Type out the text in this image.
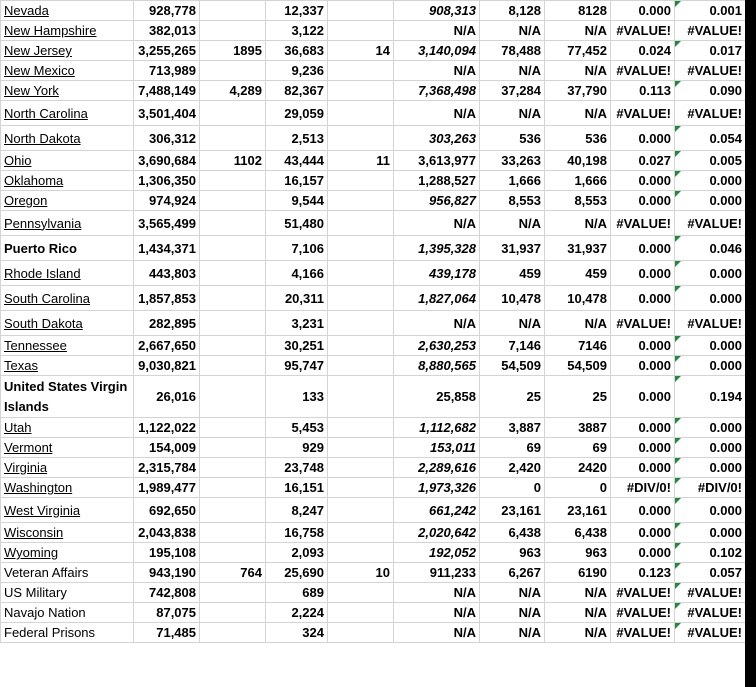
Nevada	928,778		12,337		908,313	8,128	8128	0.000	0.001

New Hampshire	382,013		3,122		N/A	N/A	N/A	#VALUE!	#VALUE!
New Jersey	3,255,265	1895	36,683	14	3,140,094	78,488	77,452	0.024	0.017

New Mexico	713,989		9,236		N/A	N/A	N/A	#VALUE!	#VALUE!
New York	7,488,149	4,289	82,367		7,368,498	37,284	37,790	0.113	0.090

North Carolina	3,501,404		29,059		N/A	N/A	N/A	#VALUE!	#VALUE!
North Dakota	306,312		2,513		303,263	536	536	0.000	0.054

Ohio	3,690,684	1102	43,444	11	3,613,977	33,263	40,198	0.027	0.005

Oklahoma	1,306,350		16,157		1,288,527	1,666	1,666	0.000	0.000

Oregon	974,924		9,544		956,827	8,553	8,553	0.000	0.000

Pennsylvania	3,565,499		51,480		N/A	N/A	N/A	#VALUE!	#VALUE!
Puerto Rico	1,434,371		7,106		1,395,328	31,937	31,937	0.000	0.046

Rhode Island	443,803		4,166		439,178	459	459	0.000	0.000

South Carolina	1,857,853		20,311		1,827,064	10,478	10,478	0.000	0.000

South Dakota	282,895		3,231		N/A	N/A	N/A	#VALUE!	#VALUE!
Tennessee	2,667,650		30,251		2,630,253	7,146	7146	0.000	0.000

Texas	9,030,821		95,747		8,880,565	54,509	54,509	0.000	0.000

United States Virgin Islands	26,016		133		25,858	25	25	0.000	0.194

Utah	1,122,022		5,453		1,112,682	3,887	3887	0.000	0.000

Vermont	154,009		929		153,011	69	69	0.000	0.000

Virginia	2,315,784		23,748		2,289,616	2,420	2420	0.000	0.000

Washington	1,989,477		16,151		1,973,326	0	0	#DIV/0!	#DIV/0!

West Virginia	692,650		8,247		661,242	23,161	23,161	0.000	0.000

Wisconsin	2,043,838		16,758		2,020,642	6,438	6,438	0.000	0.000

Wyoming	195,108		2,093		192,052	963	963	0.000	0.102

Veteran Affairs	943,190	764	25,690	10	911,233	6,267	6190	0.123	0.057

US Military	742,808		689		N/A	N/A	N/A	#VALUE!	#VALUE!

Navajo Nation	87,075		2,224		N/A	N/A	N/A	#VALUE!	#VALUE!

Federal Prisons	71,485		324		N/A	N/A	N/A	#VALUE!	#VALUE!
